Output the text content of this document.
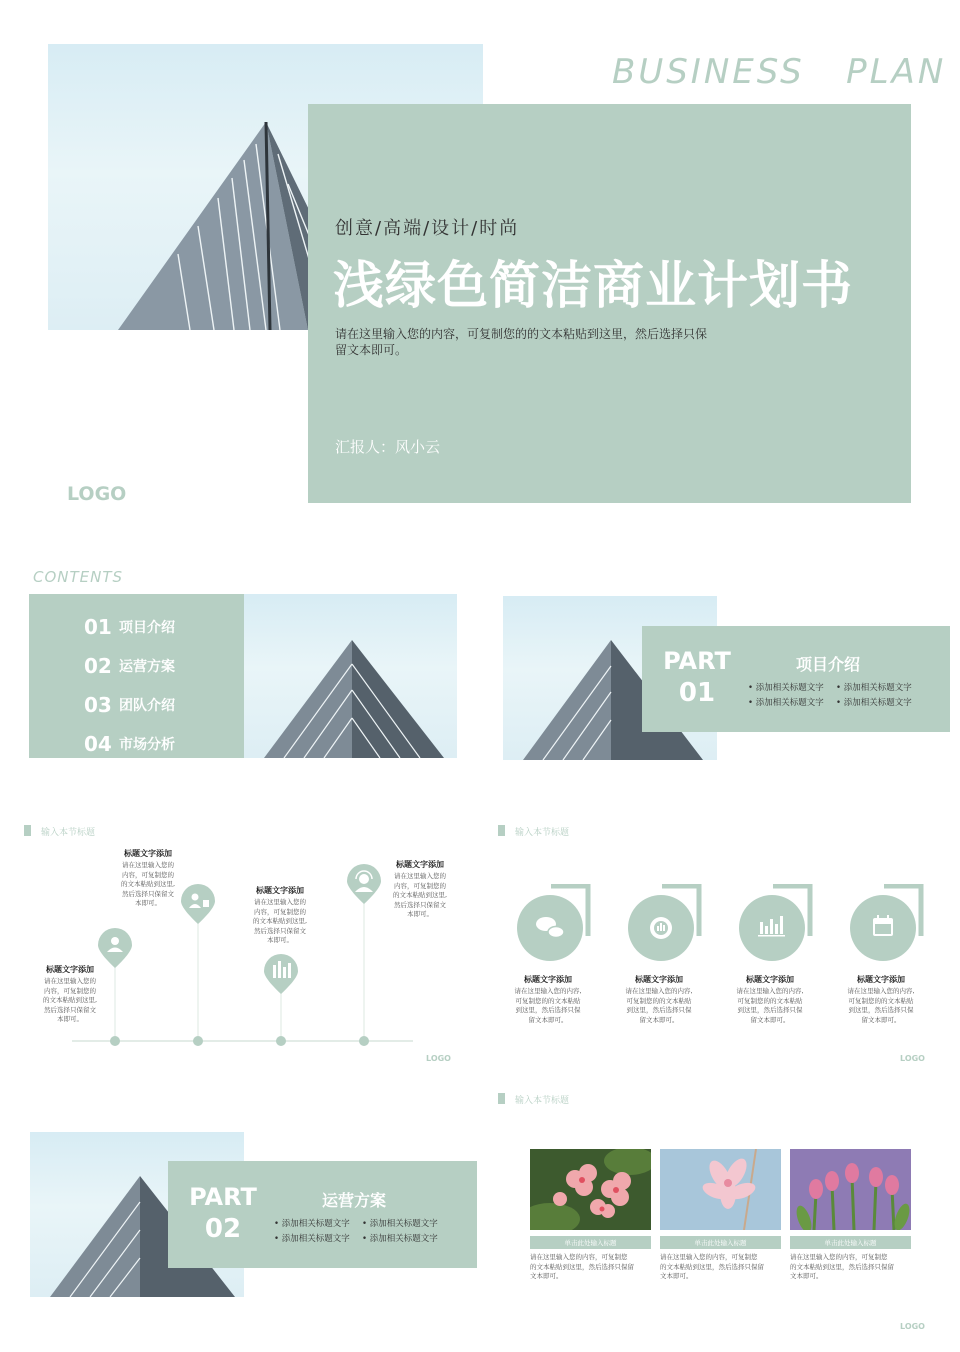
BUSINESS   PLAN
创意/高端/设计/时尚
浅绿色简洁商业计划书
请在这里输入您的内容，可复制您的的文本粘贴到这里，然后选择只保
留文本即可。
汇报人：风小云
LOGO
CONTENTS
01 项目介绍
02 运营方案
03 团队介绍
04 市场分析
PART
01
项目介绍
• 添加相关标题文字	• 添加相关标题文字
• 添加相关标题文字	• 添加相关标题文字
输入本节标题
标题文字添加
请在这里输入您的
内容，可复制您的
的文本粘贴到这里,
然后选择只保留文
本即可。
标题文字添加
请在这里输入您的
内容，可复制您的
的文本粘贴到这里,
然后选择只保留文
本即可。
标题文字添加
请在这里输入您的
内容，可复制您的
的文本粘贴到这里,
然后选择只保留文
本即可。
标题文字添加
请在这里输入您的
内容，可复制您的
的文本粘贴到这里,
然后选择只保留文
本即可。
LOGO
输入本节标题
标题文字添加
请在这里输入您的内容,
可复制您的的文本粘贴
到这里，然后选择只保
留文本即可。
标题文字添加
请在这里输入您的内容,
可复制您的的文本粘贴
到这里，然后选择只保
留文本即可。
标题文字添加
请在这里输入您的内容,
可复制您的的文本粘贴
到这里，然后选择只保
留文本即可。
标题文字添加
请在这里输入您的内容,
可复制您的的文本粘贴
到这里，然后选择只保
留文本即可。
LOGO
PART
02
运营方案
• 添加相关标题文字	• 添加相关标题文字
• 添加相关标题文字	• 添加相关标题文字
输入本节标题
单击此处输入标题
请在这里输入您的内容，可复制您
的文本粘贴到这里，然后选择只保留
文本即可。
单击此处输入标题
请在这里输入您的内容，可复制您
的文本粘贴到这里，然后选择只保留
文本即可。
单击此处输入标题
请在这里输入您的内容，可复制您
的文本粘贴到这里，然后选择只保留
文本即可。
LOGO
